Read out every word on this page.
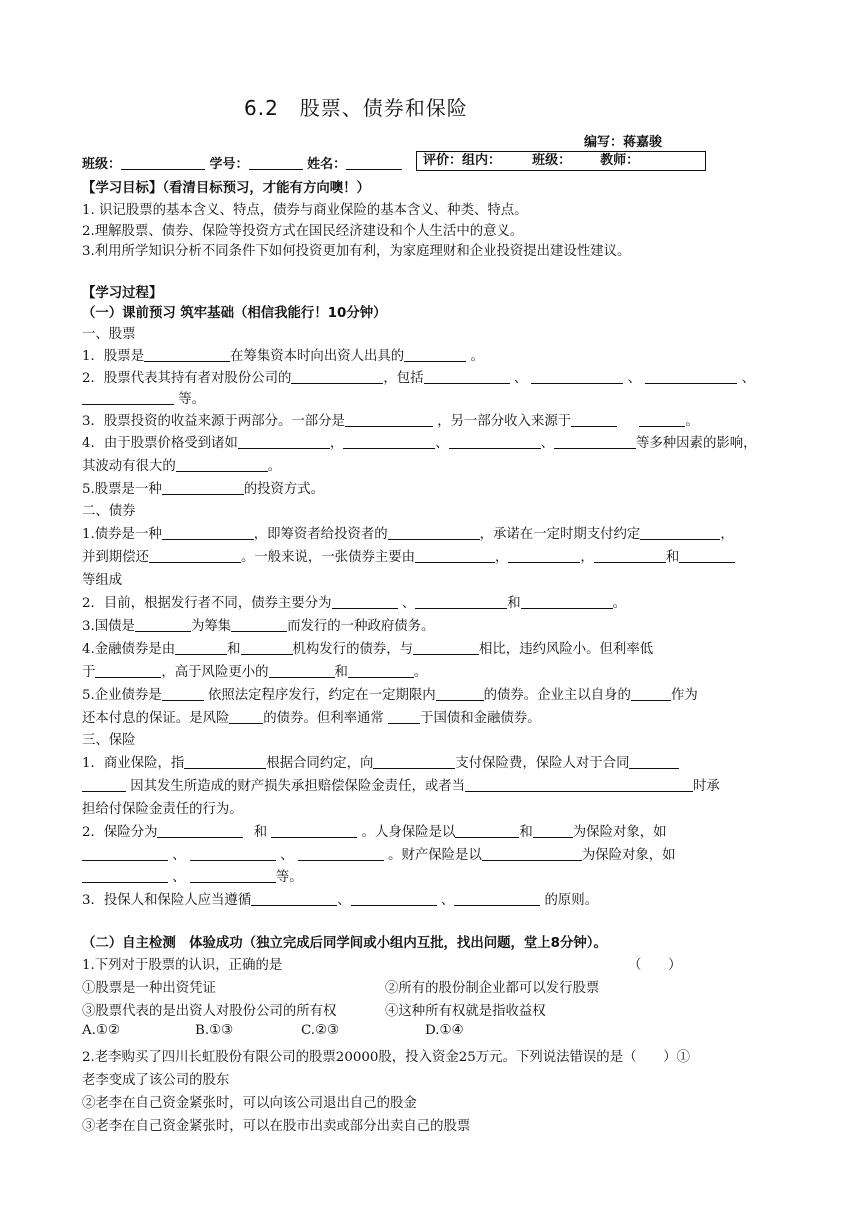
6.2　股票、债券和保险
编写：蒋嘉骏
班级：	学号：	姓名：	评价：组内： 班级： 教师：
【学习目标】（看清目标预习，才能有方向噢！）
1. 识记股票的基本含义、特点，债券与商业保险的基本含义、种类、特点。
2.理解股票、债券、保险等投资方式在国民经济建设和个人生活中的意义。
3.利用所学知识分析不同条件下如何投资更加有利，为家庭理财和企业投资提出建设性建议。
【学习过程】
（一）课前预习 筑牢基础（相信我能行！10分钟）
一、股票
1．股票是	在筹集资本时向出资人出具的	。
2．股票代表其持有者对股份公司的	，包括	、	、	、
等。
3．股票投资的收益来源于两部分。一部分是	，另一部分收入来源于	。
4．由于股票价格受到诸如	，	、	、	等多种因素的影响，
其波动有很大的	。
5.股票是一种	的投资方式。
二、债券
1.债券是一种	，即筹资者给投资者的	，承诺在一定时期支付约定	，
并到期偿还	。一般来说，一张债券主要由	，	，	和
等组成
2．目前，根据发行者不同，债券主要分为	、	和	。
3.国债是	为筹集	而发行的一种政府债务。
4.金融债券是由	和	机构发行的债券，与	相比，违约风险小。但利率低
于	，高于风险更小的	和	。
5.企业债券是	依照法定程序发行，约定在一定期限内	的债券。企业主以自身的	作为
还本付息的保证。是风险	的债券。但利率通常	于国债和金融债券。
三、保险
1．商业保险，指	根据合同约定，向	支付保险费，保险人对于合同
因其发生所造成的财产损失承担赔偿保险金责任，或者当	时承
担给付保险金责任的行为。
2．保险分为	和	。人身保险是以	和	为保险对象，如
、	、	。财产保险是以	为保险对象，如
、	等。
3．投保人和保险人应当遵循	、	、	的原则。
（二）自主检测　体验成功（独立完成后同学间或小组内互批，找出问题，堂上8分钟）。
1.下列对于股票的认识，正确的是	（　　）
①股票是一种出资凭证	②所有的股份制企业都可以发行股票
③股票代表的是出资人对股份公司的所有权	④这种所有权就是指收益权
A.①②	B.①③	C.②③	D.①④
2.老李购买了四川长虹股份有限公司的股票20000股，投入资金25万元。下列说法错误的是（　　）①
老李变成了该公司的股东
②老李在自己资金紧张时，可以向该公司退出自己的股金
③老李在自己资金紧张时，可以在股市出卖或部分出卖自己的股票
